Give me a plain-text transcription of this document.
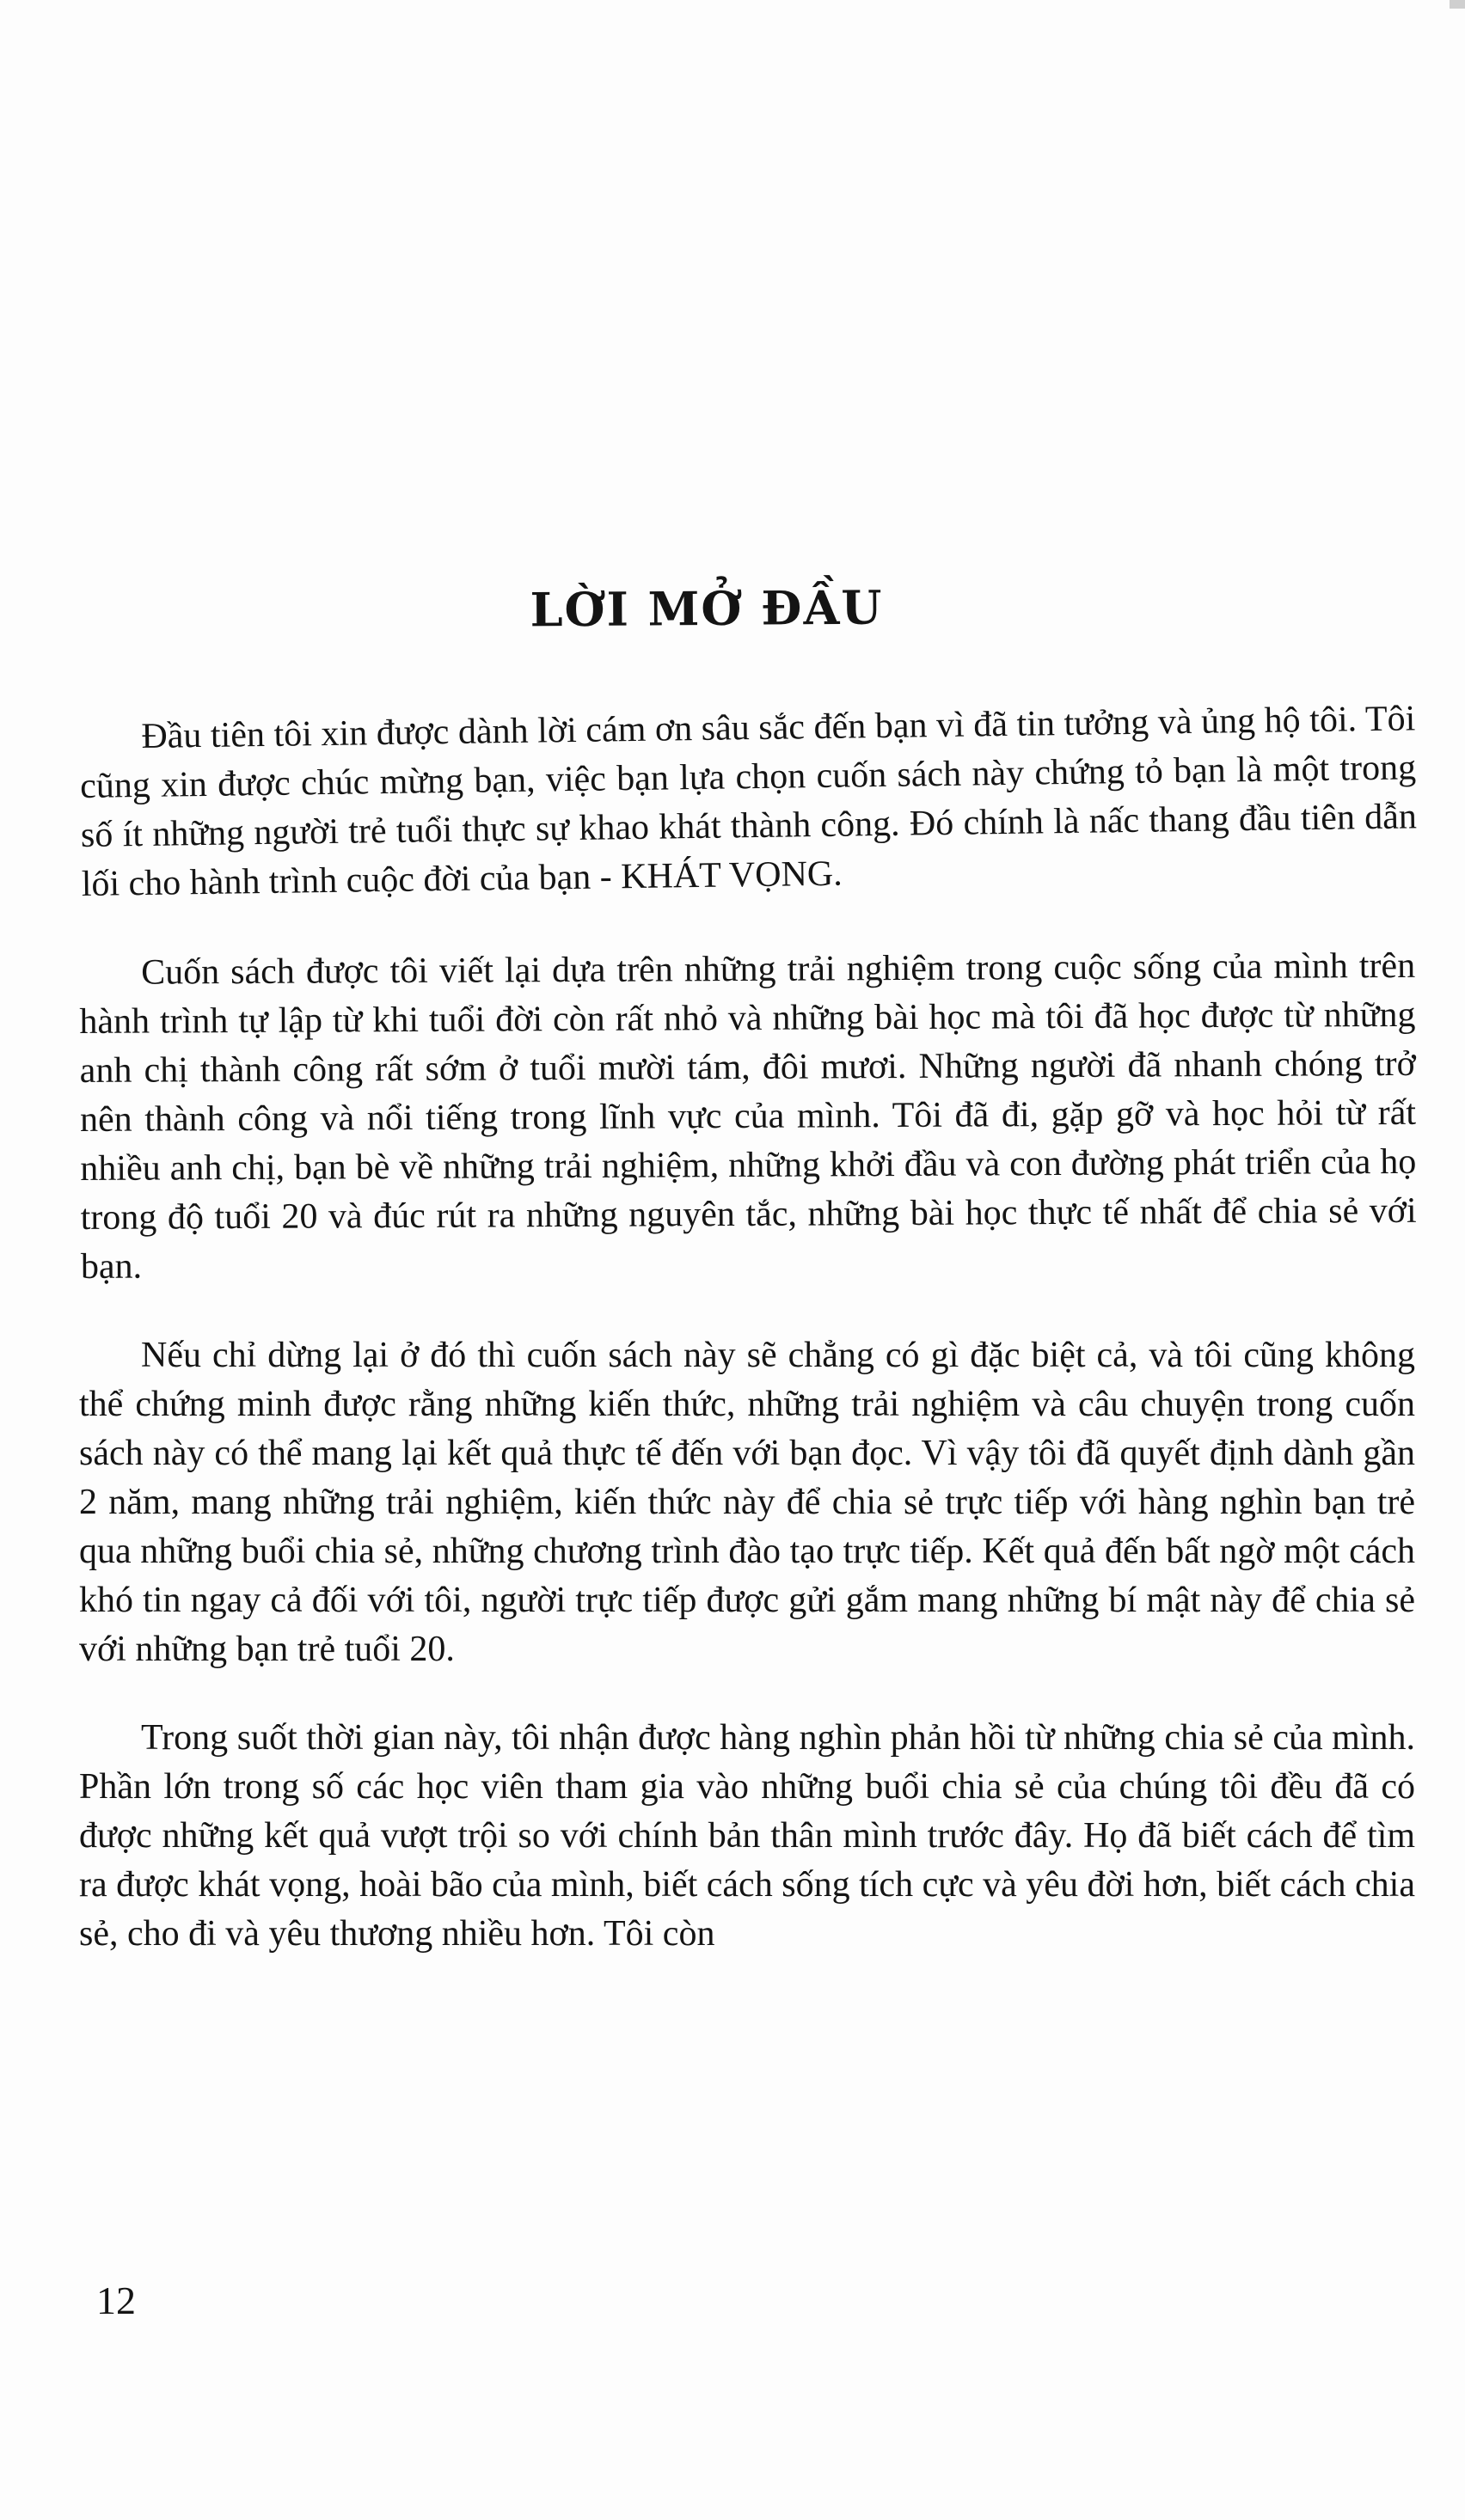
LỜI MỞ ĐẦU

Đầu tiên tôi xin được dành lời cám ơn sâu sắc đến bạn vì đã tin tưởng và ủng hộ tôi. Tôi cũng xin được chúc mừng bạn, việc bạn lựa chọn cuốn sách này chứng tỏ bạn là một trong số ít những người trẻ tuổi thực sự khao khát thành công. Đó chính là nấc thang đầu tiên dẫn lối cho hành trình cuộc đời của bạn - KHÁT VỌNG.

Cuốn sách được tôi viết lại dựa trên những trải nghiệm trong cuộc sống của mình trên hành trình tự lập từ khi tuổi đời còn rất nhỏ và những bài học mà tôi đã học được từ những anh chị thành công rất sớm ở tuổi mười tám, đôi mươi. Những người đã nhanh chóng trở nên thành công và nổi tiếng trong lĩnh vực của mình. Tôi đã đi, gặp gỡ và học hỏi từ rất nhiều anh chị, bạn bè về những trải nghiệm, những khởi đầu và con đường phát triển của họ trong độ tuổi 20 và đúc rút ra những nguyên tắc, những bài học thực tế nhất để chia sẻ với bạn.

Nếu chỉ dừng lại ở đó thì cuốn sách này sẽ chẳng có gì đặc biệt cả, và tôi cũng không thể chứng minh được rằng những kiến thức, những trải nghiệm và câu chuyện trong cuốn sách này có thể mang lại kết quả thực tế đến với bạn đọc. Vì vậy tôi đã quyết định dành gần 2 năm, mang những trải nghiệm, kiến thức này để chia sẻ trực tiếp với hàng nghìn bạn trẻ qua những buổi chia sẻ, những chương trình đào tạo trực tiếp. Kết quả đến bất ngờ một cách khó tin ngay cả đối với tôi, người trực tiếp được gửi gắm mang những bí mật này để chia sẻ với những bạn trẻ tuổi 20.

Trong suốt thời gian này, tôi nhận được hàng nghìn phản hồi từ những chia sẻ của mình. Phần lớn trong số các học viên tham gia vào những buổi chia sẻ của chúng tôi đều đã có được những kết quả vượt trội so với chính bản thân mình trước đây. Họ đã biết cách để tìm ra được khát vọng, hoài bão của mình, biết cách sống tích cực và yêu đời hơn, biết cách chia sẻ, cho đi và yêu thương nhiều hơn. Tôi còn

12
